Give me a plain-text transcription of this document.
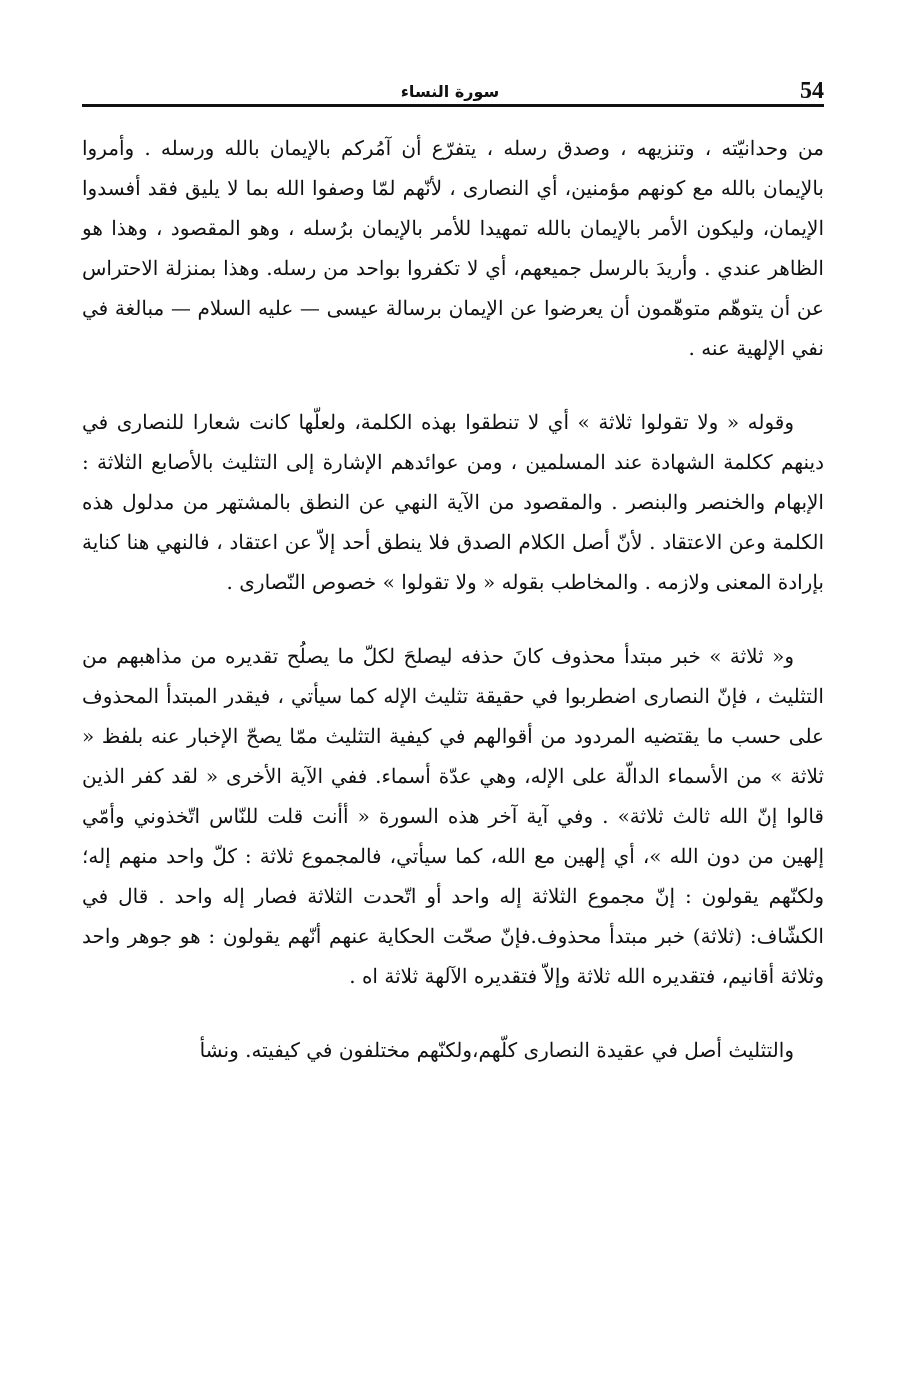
54
سورة النساء

من وحدانيّته ، وتنزيهه ، وصدق رسله ، يتفرّع أن آمُركم بالإيمان بالله ورسله . وأمروا بالإيمان بالله مع كونهم مؤمنين، أي النصارى ، لأنّهم لمّا وصفوا الله بما لا يليق فقد أفسدوا الإيمان، وليكون الأمر بالإيمان بالله تمهيدا للأمر بالإيمان برُسله ، وهو المقصود ، وهذا هو الظاهر عندي . وأريدَ بالرسل جميعهم، أي لا تكفروا بواحد من رسله. وهذا بمنزلة الاحتراس عن أن يتوهّم متوهّمون أن يعرضوا عن الإيمان برسالة عيسى — عليه السلام — مبالغة في نفي الإلهية عنه .

وقوله « ولا تقولوا ثلاثة » أي لا تنطقوا بهذه الكلمة، ولعلّها كانت شعارا للنصارى في دينهم ككلمة الشهادة عند المسلمين ، ومن عوائدهم الإشارة إلى التثليث بالأصابع الثلاثة : الإبهام والخنصر والبنصر . والمقصود من الآية النهي عن النطق بالمشتهر من مدلول هذه الكلمة وعن الاعتقاد . لأنّ أصل الكلام الصدق فلا ينطق أحد إلاّ عن اعتقاد ، فالنهي هنا كناية بإرادة المعنى ولازمه . والمخاطب بقوله « ولا تقولوا » خصوص النّصارى .

و« ثلاثة » خبر مبتدأ محذوف كانَ حذفه ليصلحَ لكلّ ما يصلُح تقديره من مذاهبهم من التثليث ، فإنّ النصارى اضطربوا في حقيقة تثليث الإله كما سيأتي ، فيقدر المبتدأ المحذوف على حسب ما يقتضيه المردود من أقوالهم في كيفية التثليث ممّا يصحّ الإخبار عنه بلفظ « ثلاثة » من الأسماء الدالّة على الإله، وهي عدّة أسماء. ففي الآية الأخرى « لقد كفر الذين قالوا إنّ الله ثالث ثلاثة» . وفي آية آخر هذه السورة « أأنت قلت للنّاس اتّخذوني وأمّي إلهين من دون الله »، أي إلهين مع الله، كما سيأتي، فالمجموع ثلاثة : كلّ واحد منهم إله؛ ولكنّهم يقولون : إنّ مجموع الثلاثة إله واحد أو اتّحدت الثلاثة فصار إله واحد . قال في الكشّاف: (ثلاثة) خبر مبتدأ محذوف.فإنّ صحّت الحكاية عنهم أنّهم يقولون : هو جوهر واحد وثلاثة أقانيم، فتقديره الله ثلاثة وإلاّ فتقديره الآلهة ثلاثة اه .

والتثليث أصل في عقيدة النصارى كلّهم،ولكنّهم مختلفون في كيفيته. ونشأ
